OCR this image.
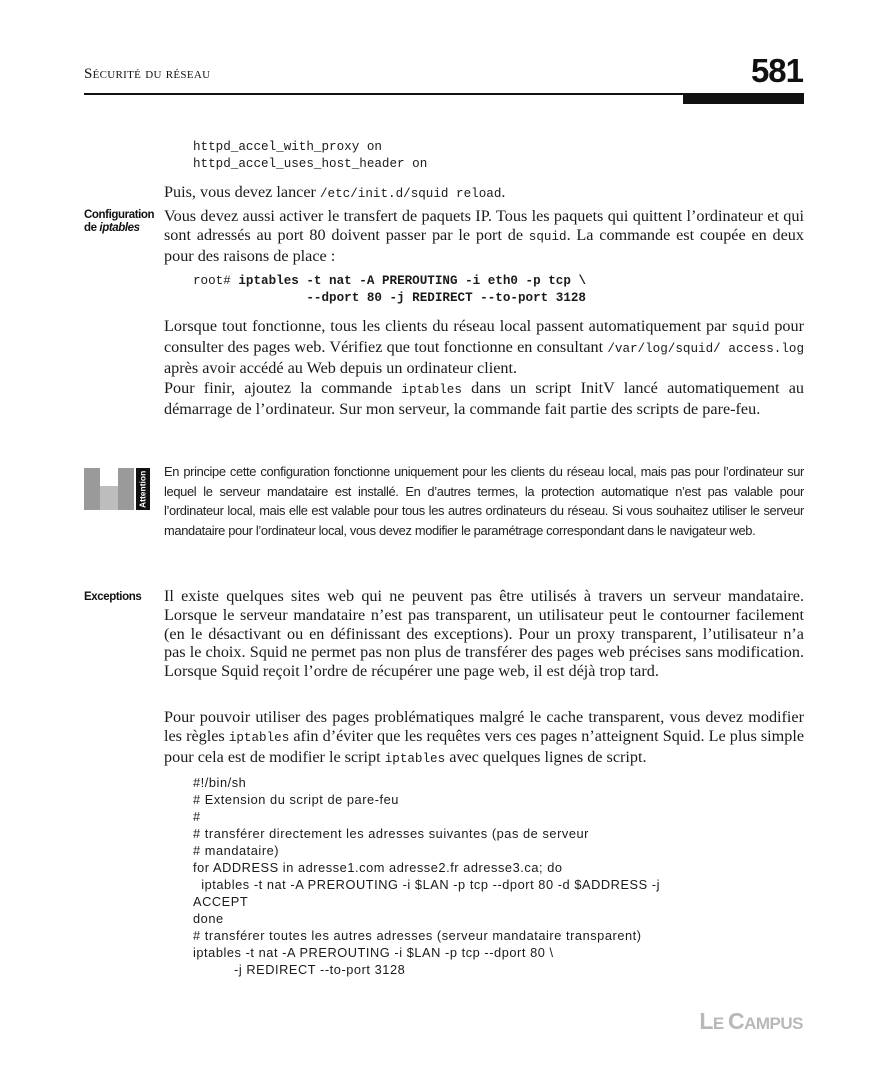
Sécurité du réseau	581
httpd_accel_with_proxy on
httpd_accel_uses_host_header on

Puis, vous devez lancer /etc/init.d/squid reload.

Configuration
de iptables

Vous devez aussi activer le transfert de paquets IP. Tous les paquets qui quittent l’ordinateur et qui sont adressés au port 80 doivent passer par le port de squid. La commande est coupée en deux pour des raisons de place :

root# iptables -t nat -A PREROUTING -i eth0 -p tcp \
--dport 80 -j REDIRECT --to-port 3128

Lorsque tout fonctionne, tous les clients du réseau local passent automatiquement par squid pour consulter des pages web. Vérifiez que tout fonctionne en consultant /var/log/squid/ access.log après avoir accédé au Web depuis un ordinateur client.

Pour finir, ajoutez la commande iptables dans un script InitV lancé automatiquement au démarrage de l’ordinateur. Sur mon serveur, la commande fait partie des scripts de pare-feu.

Attention En principe cette configuration fonctionne uniquement pour les clients du réseau local, mais pas pour l’ordinateur sur lequel le serveur mandataire est installé. En d’autres termes, la protection automatique n’est pas valable pour l’ordinateur local, mais elle est valable pour tous les autres ordinateurs du réseau. Si vous souhaitez utiliser le serveur mandataire pour l’ordinateur local, vous devez modifier le paramétrage correspondant dans le navigateur web.
Exceptions	Il existe quelques sites web qui ne peuvent pas être utilisés à travers un serveur mandataire. Lorsque le serveur mandataire n’est pas transparent, un utilisateur peut le contourner facilement (en le désactivant ou en définissant des exceptions). Pour un proxy transparent, l’utilisateur n’a pas le choix. Squid ne permet pas non plus de transférer des pages web précises sans modification. Lorsque Squid reçoit l’ordre de récupérer une page web, il est déjà trop tard.

Pour pouvoir utiliser des pages problématiques malgré le cache transparent, vous devez modifier les règles iptables afin d’éviter que les requêtes vers ces pages n’atteignent Squid. Le plus simple pour cela est de modifier le script iptables avec quelques lignes de script.

#!/bin/sh
# Extension du script de pare-feu
#
# transférer directement les adresses suivantes (pas de serveur
# mandataire)
for ADDRESS in adresse1.com adresse2.fr adresse3.ca; do
iptables -t nat -A PREROUTING -i $LAN -p tcp --dport 80 -d $ADDRESS -j
ACCEPT
done
# transférer toutes les autres adresses (serveur mandataire transparent)
iptables -t nat -A PREROUTING -i $LAN -p tcp --dport 80 \
-j REDIRECT --to-port 3128
LE CAMPUS
